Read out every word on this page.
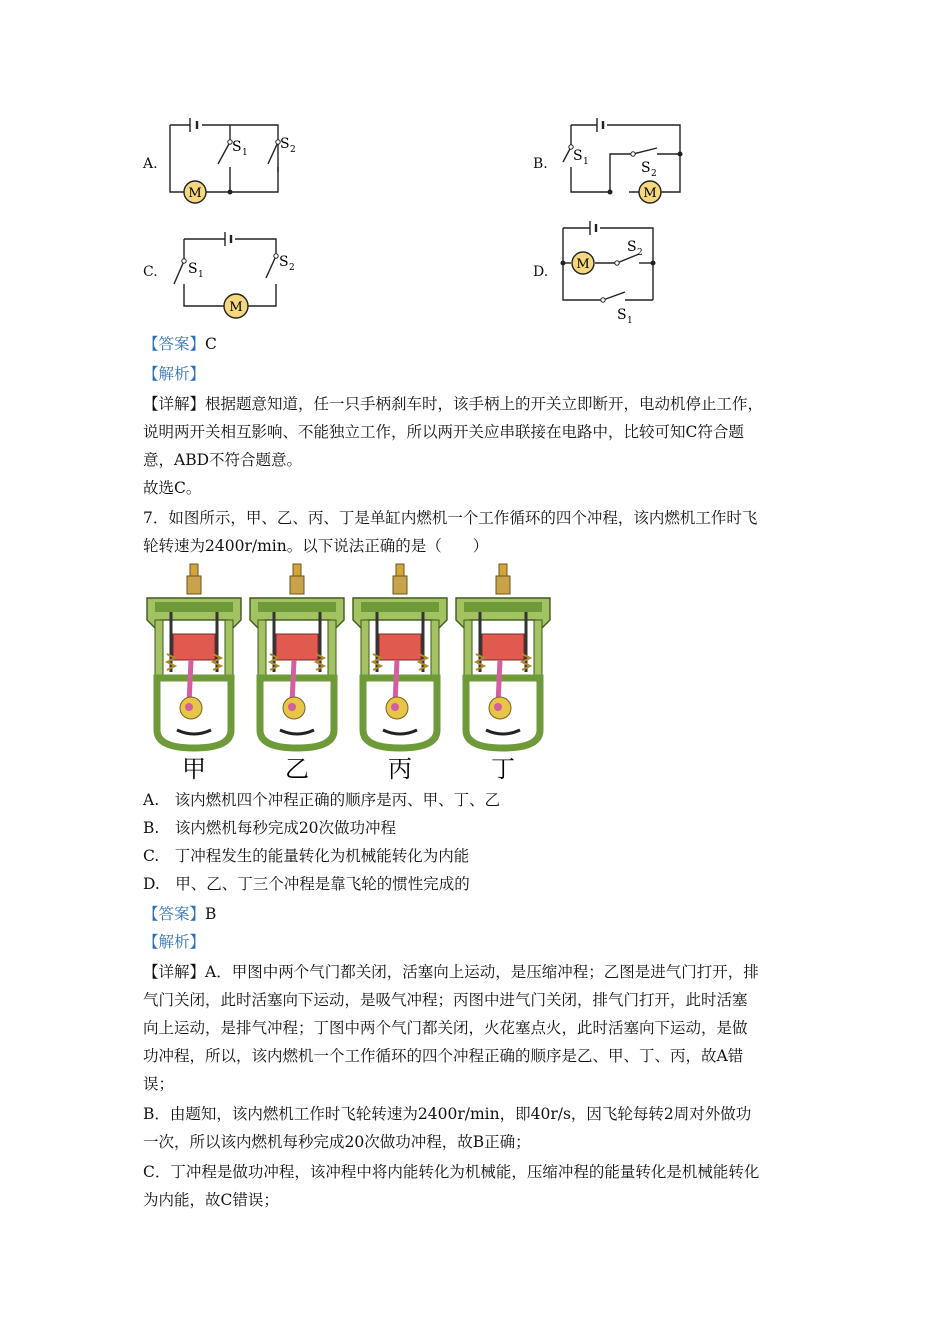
A.
M
S 1
S 2
B.
M
S 1	S 2
C.
M
S 1
S 2	D. M
S 2
S 1
【答案】C
【解析】
【详解】根据题意知道，任一只手柄刹车时，该手柄上的开关立即断开，电动机停止工作，
说明两开关相互影响、不能独立工作，所以两开关应串联接在电路中，比较可知C符合题
意，ABD不符合题意。
故选C。
7．如图所示，甲、乙、丙、丁是单缸内燃机一个工作循环的四个冲程，该内燃机工作时飞
轮转速为2400r/min。以下说法正确的是（　　）
甲	乙	丙	丁
A.　该内燃机四个冲程正确的顺序是丙、甲、丁、乙
B.　该内燃机每秒完成20次做功冲程
C.　丁冲程发生的能量转化为机械能转化为内能
D.　甲、乙、丁三个冲程是靠飞轮的惯性完成的
【答案】B
【解析】
【详解】A．甲图中两个气门都关闭，活塞向上运动，是压缩冲程；乙图是进气门打开，排
气门关闭，此时活塞向下运动，是吸气冲程；丙图中进气门关闭，排气门打开，此时活塞
向上运动，是排气冲程；丁图中两个气门都关闭，火花塞点火，此时活塞向下运动，是做
功冲程，所以，该内燃机一个工作循环的四个冲程正确的顺序是乙、甲、丁、丙，故A错
误；
B．由题知，该内燃机工作时飞轮转速为2400r/min，即40r/s，因飞轮每转2周对外做功
一次，所以该内燃机每秒完成20次做功冲程，故B正确；
C．丁冲程是做功冲程，该冲程中将内能转化为机械能，压缩冲程的能量转化是机械能转化
为内能，故C错误；
